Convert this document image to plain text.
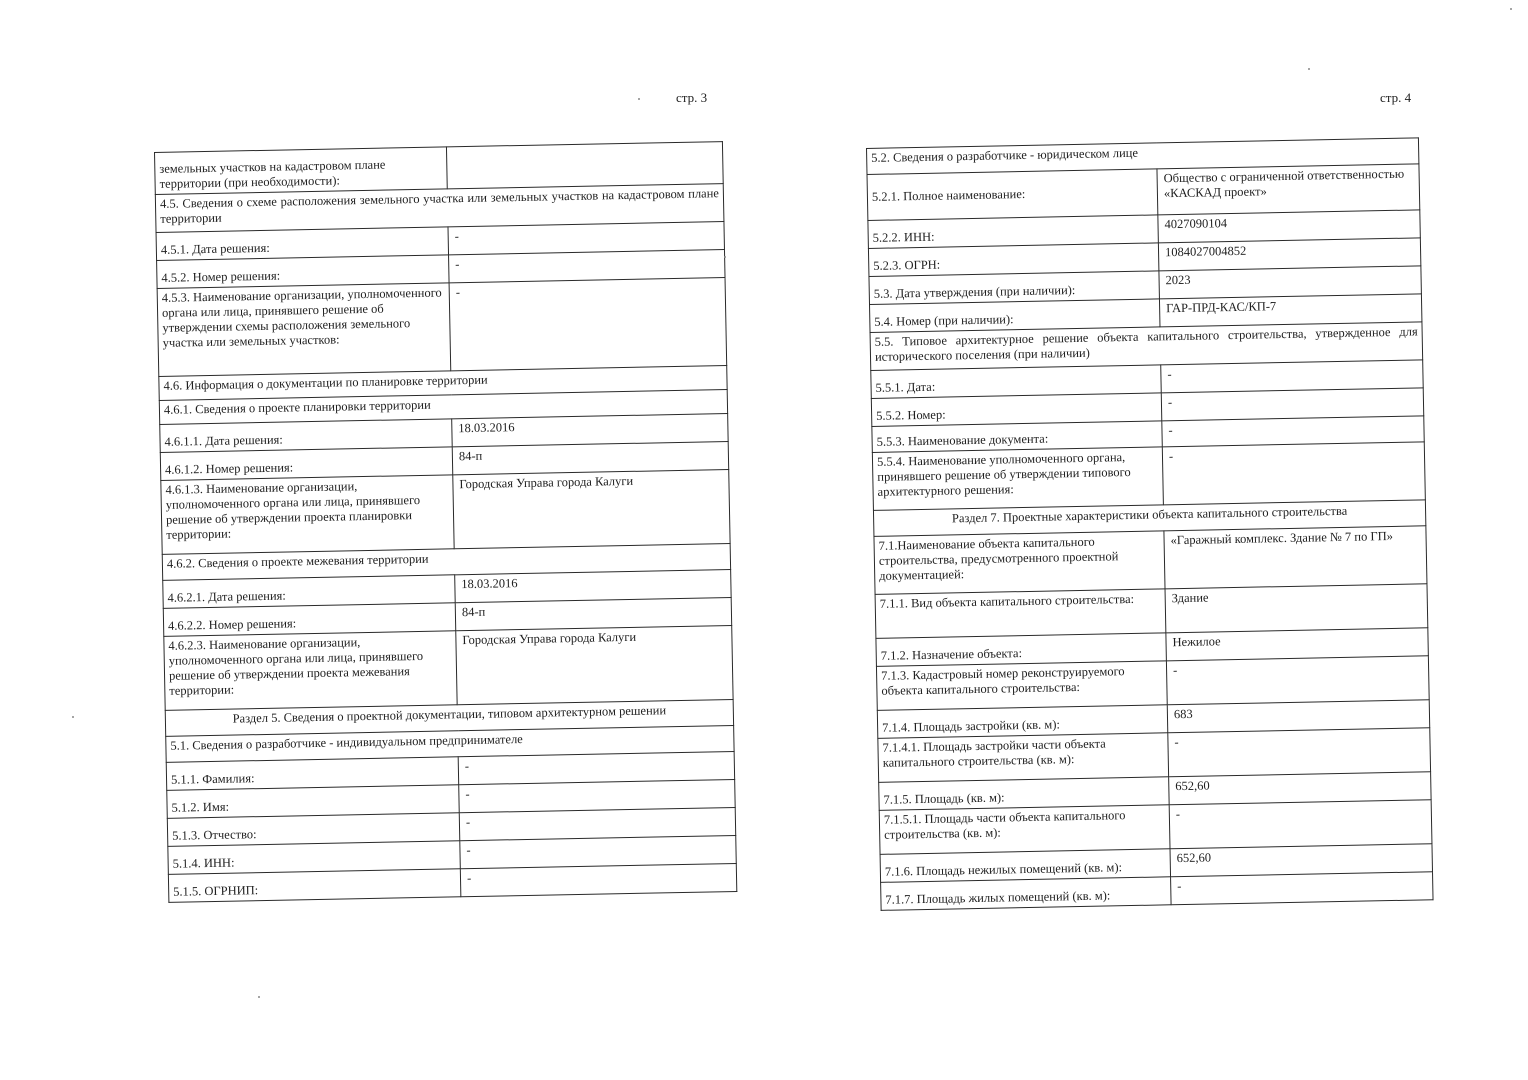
стр. 3	стр. 4
земельных участков на кадастровом плане территории (при необходимости):	
4.5. Сведения о схеме расположения земельного участка или земельных участков на кадастровом плане территории	
4.5.1. Дата решения:	-
4.5.2. Номер решения:	-
4.5.3. Наименование организации, уполномоченного органа или лица, принявшего решение об утверждении схемы расположения земельного участка или земельных участков:	-
4.6. Информация о документации по планировке территории	
4.6.1. Сведения о проекте планировки территории	
4.6.1.1. Дата решения:	18.03.2016
4.6.1.2. Номер решения:	84-п
4.6.1.3. Наименование организации, уполномоченного органа или лица, принявшего решение об утверждении проекта планировки территории:	Городская Управа города Калуги
4.6.2. Сведения о проекте межевания территории	
4.6.2.1. Дата решения:	18.03.2016
4.6.2.2. Номер решения:	84-п
4.6.2.3. Наименование организации, уполномоченного органа или лица, принявшего решение об утверждении проекта межевания территории:	Городская Управа города Калуги
Раздел 5. Сведения о проектной документации, типовом архитектурном решении	
5.1. Сведения о разработчике - индивидуальном предпринимателе	
5.1.1. Фамилия:	-
5.1.2. Имя:	-
5.1.3. Отчество:	-
5.1.4. ИНН:	-
5.1.5. ОГРНИП:	-
5.2. Сведения о разработчике - юридическом лице	
5.2.1. Полное наименование:	Общество с ограниченной ответственностью «КАСКАД проект»
5.2.2. ИНН:	4027090104
5.2.3. ОГРН:	1084027004852
5.3. Дата утверждения (при наличии):	2023
5.4. Номер (при наличии):	ГАР-ПРД-КАС/КП-7
5.5. Типовое архитектурное решение объекта капитального строительства, утвержденное для исторического поселения (при наличии)	
5.5.1. Дата:	-
5.5.2. Номер:	-
5.5.3. Наименование документа:	-
5.5.4. Наименование уполномоченного органа, принявшего решение об утверждении типового архитектурного решения:	-
Раздел 7. Проектные характеристики объекта капитального строительства	
7.1.Наименование объекта капитального строительства, предусмотренного проектной документацией:	«Гаражный комплекс. Здание № 7 по ГП»
7.1.1. Вид объекта капитального строительства:	Здание
7.1.2. Назначение объекта:	Нежилое
7.1.3. Кадастровый номер реконструируемого объекта капитального строительства:	-
7.1.4. Площадь застройки (кв. м):	683
7.1.4.1. Площадь застройки части объекта капитального строительства (кв. м):	-
7.1.5. Площадь (кв. м):	652,60
7.1.5.1. Площадь части объекта капитального строительства (кв. м):	-
7.1.6. Площадь нежилых помещений (кв. м):	652,60
7.1.7. Площадь жилых помещений (кв. м):	-
